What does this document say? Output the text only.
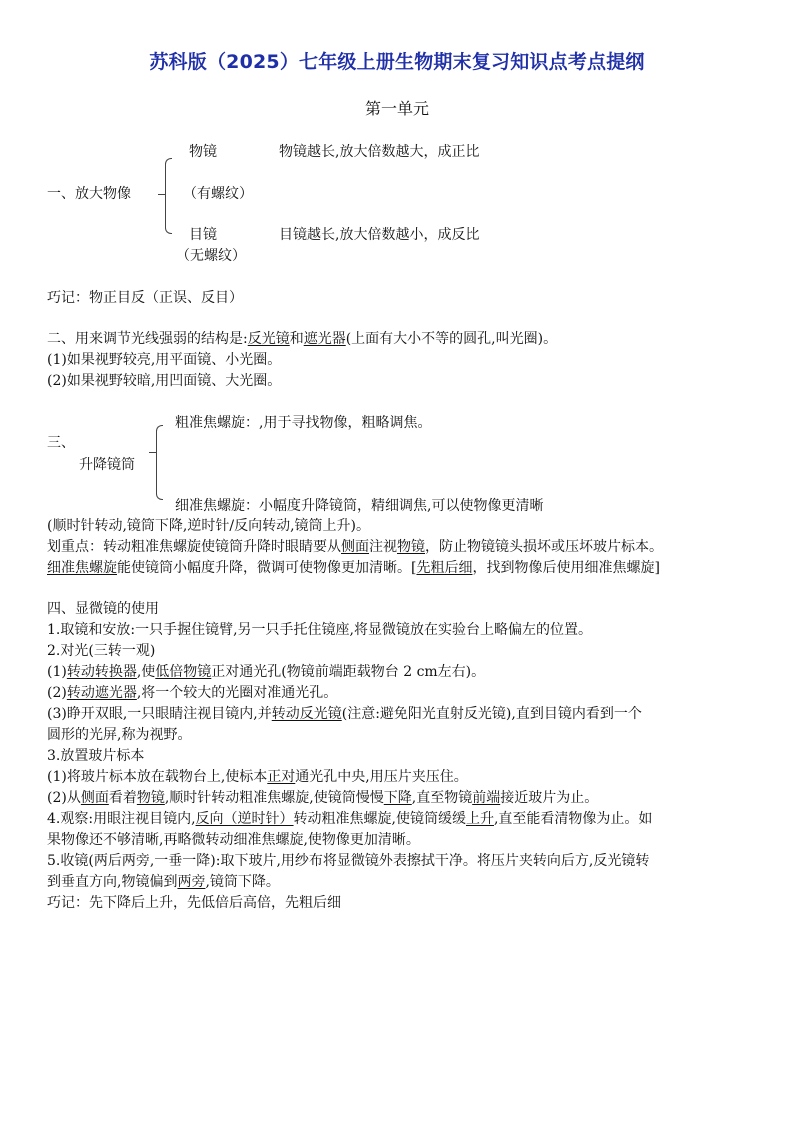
苏科版（2025）七年级上册生物期末复习知识点考点提纲
第一单元
物镜	物镜越长,放大倍数越大，成正比
一、放大物像	（有螺纹）
目镜	目镜越长,放大倍数越小，成反比
（无螺纹）
巧记：物正目反（正误、反目）
二、用来调节光线强弱的结构是:反光镜和遮光器(上面有大小不等的圆孔,叫光圈)。
(1)如果视野较亮,用平面镜、小光圈。
(2)如果视野较暗,用凹面镜、大光圈。
粗准焦螺旋：,用于寻找物像，粗略调焦。
三、
升降镜筒
细准焦螺旋：小幅度升降镜筒，精细调焦,可以使物像更清晰
(顺时针转动,镜筒下降,逆时针/反向转动,镜筒上升)。
划重点：转动粗准焦螺旋使镜筒升降时眼睛要从侧面注视物镜，防止物镜镜头损坏或压坏玻片标本。
细准焦螺旋能使镜筒小幅度升降，微调可使物像更加清晰。[先粗后细，找到物像后使用细准焦螺旋]
四、显微镜的使用
1.取镜和安放:一只手握住镜臂,另一只手托住镜座,将显微镜放在实验台上略偏左的位置。
2.对光(三转一观)
(1)转动转换器,使低倍物镜正对通光孔(物镜前端距载物台 2 cm左右)。
(2)转动遮光器,将一个较大的光圈对准通光孔。
(3)睁开双眼,一只眼睛注视目镜内,并转动反光镜(注意:避免阳光直射反光镜),直到目镜内看到一个
圆形的光屏,称为视野。
3.放置玻片标本
(1)将玻片标本放在载物台上,使标本正对通光孔中央,用压片夹压住。
(2)从侧面看着物镜,顺时针转动粗准焦螺旋,使镜筒慢慢下降,直至物镜前端接近玻片为止。
4.观察:用眼注视目镜内,反向（逆时针）转动粗准焦螺旋,使镜筒缓缓上升,直至能看清物像为止。如
果物像还不够清晰,再略微转动细准焦螺旋,使物像更加清晰。
5.收镜(两后两旁,一垂一降):取下玻片,用纱布将显微镜外表擦拭干净。将压片夹转向后方,反光镜转
到垂直方向,物镜偏到两旁,镜筒下降。
巧记：先下降后上升，先低倍后高倍，先粗后细
